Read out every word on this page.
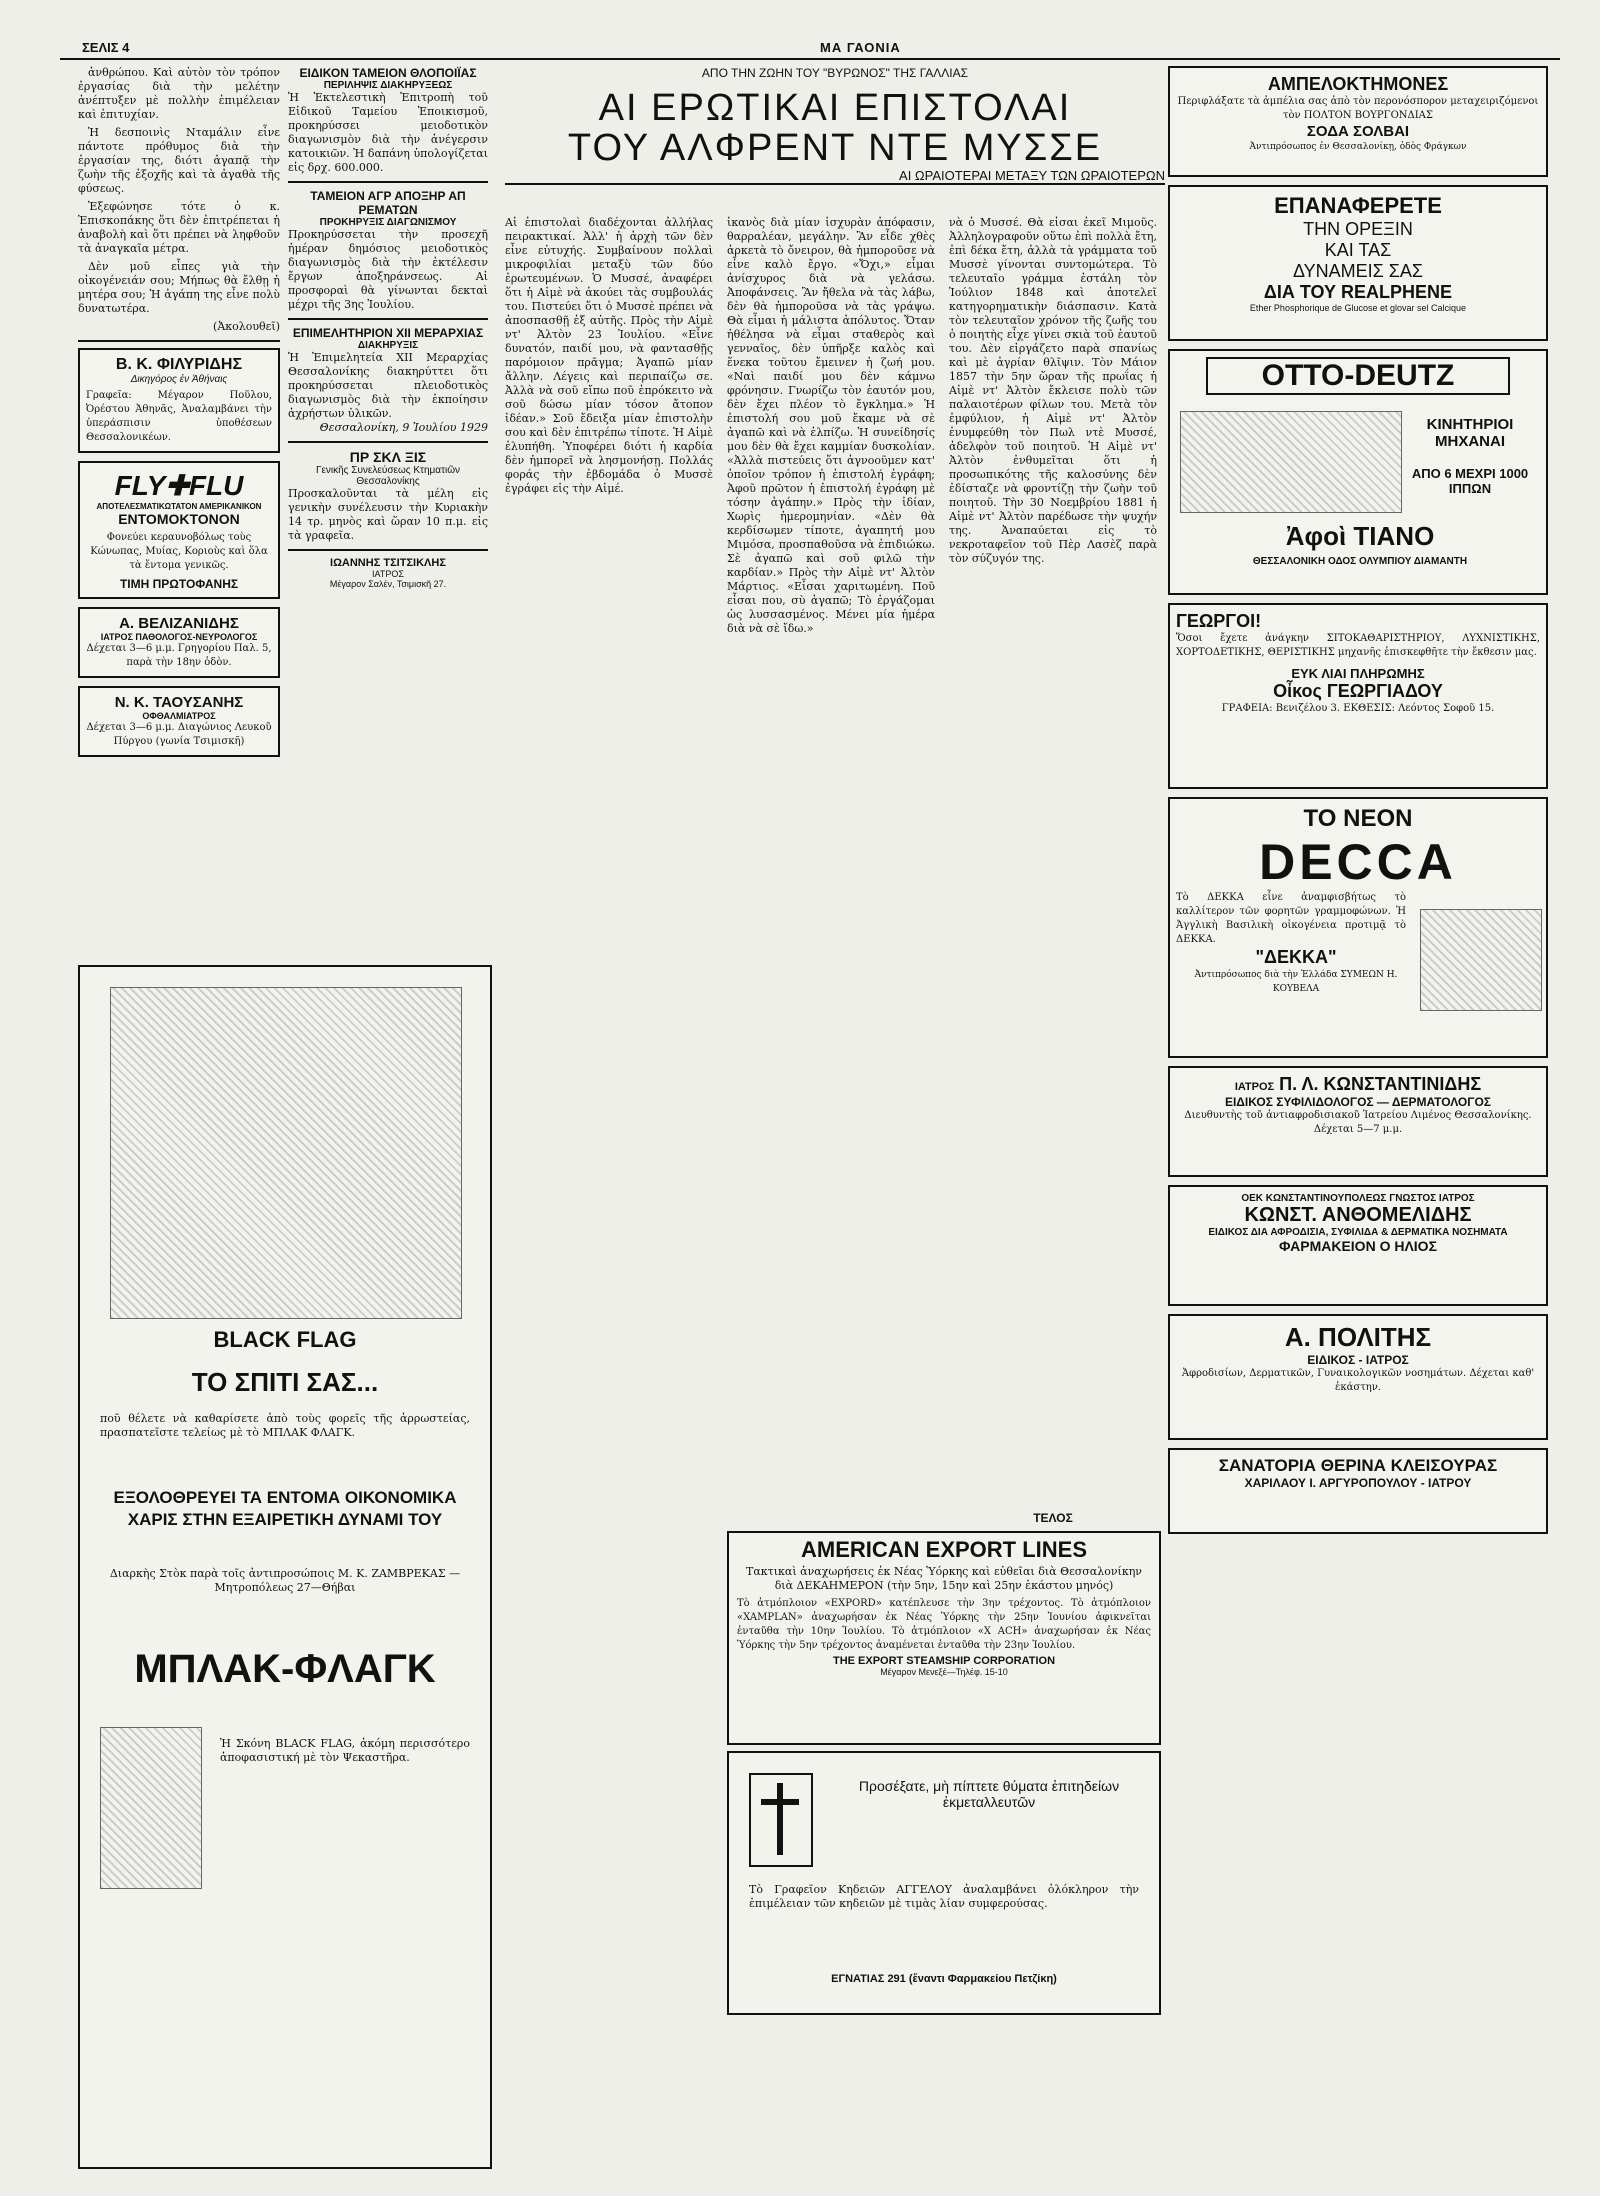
ΣΕΛΙΣ 4	ΜΑ ΓΑΟΝΙΑ

ἀνθρώπου. Καὶ αὐτὸν τὸν τρόπον ἐργασίας διὰ τὴν μελέτην ἀνέπτυξεν μὲ πολλὴν ἐπιμέλειαν καὶ ἐπιτυχίαν.

Ἡ δεσποινὶς Νταμάλιν εἶνε πάντοτε πρόθυμος διὰ τὴν ἐργασίαν της, διότι ἀγαπᾷ τὴν ζωὴν τῆς ἐξοχῆς καὶ τὰ ἀγαθὰ τῆς φύσεως.

Ἐξεφώνησε τότε ὁ κ. Ἐπισκοπάκης ὅτι δὲν ἐπιτρέπεται ἡ ἀναβολὴ καὶ ὅτι πρέπει νὰ ληφθοῦν τὰ ἀναγκαῖα μέτρα.

Δὲν μοῦ εἶπες γιὰ τὴν οἰκογένειάν σου; Μήπως θὰ ἔλθῃ ἡ μητέρα σου; Ἡ ἀγάπη της εἶνε πολὺ δυνατωτέρα.

(Ἀκολουθεῖ)
Β. Κ. ΦΙΛΥΡΙΔΗΣ
Δικηγόρος ἐν Ἀθήναις
Γραφεῖα: Μέγαρον Ποῦλου, Ὀρέστου Ἀθηνᾶς, Ἀναλαμβάνει τὴν ὑπεράσπισιν ὑποθέσεων Θεσσαλονικέων.
FLY✚FLU
ΑΠΟΤΕΛΕΣΜΑΤΙΚΩΤΑΤΟΝ ΑΜΕΡΙΚΑΝΙΚΟΝ
ΕΝΤΟΜΟΚΤΟΝΟΝ
Φονεύει κεραυνοβόλως τοὺς Κώνωπας, Μυίας, Κοριοὺς καὶ ὅλα τὰ ἔντομα γενικῶς.
ΤΙΜΗ ΠΡΩΤΟΦΑΝΗΣ
Α. ΒΕΛΙΖΑΝΙΔΗΣ
ΙΑΤΡΟΣ ΠΑΘΟΛΟΓΟΣ-ΝΕΥΡΟΛΟΓΟΣ
Δέχεται 3—6 μ.μ. Γρηγορίου Παλ. 5, παρὰ τὴν 18ην ὁδὸν.
Ν. Κ. ΤΑΟΥΣΑΝΗΣ
ΟΦΘΑΛΜΙΑΤΡΟΣ
Δέχεται 3—6 μ.μ. Διαγώνιος Λευκοῦ Πύργου (γωνία Τσιμισκῆ)
ΕΙΔΙΚΟΝ ΤΑΜΕΙΟΝ ΘΛΟΠΟΙΪΑΣ
ΠΕΡΙΛΗΨΙΣ ΔΙΑΚΗΡΥΞΕΩΣ
Ἡ Ἐκτελεστικὴ Ἐπιτροπὴ τοῦ Εἰδικοῦ Ταμείου Ἐποικισμοῦ, προκηρύσσει μειοδοτικὸν διαγωνισμὸν διὰ τὴν ἀνέγερσιν κατοικιῶν. Ἡ δαπάνη ὑπολογίζεται εἰς δρχ. 600.000.
ΤΑΜΕΙΟΝ ΑΓΡ ΑΠΟΞΗΡ ΑΠ ΡΕΜΑΤΩΝ
ΠΡΟΚΗΡΥΞΙΣ ΔΙΑΓΩΝΙΣΜΟΥ
Προκηρύσσεται τὴν προσεχῆ ἡμέραν δημόσιος μειοδοτικὸς διαγωνισμὸς διὰ τὴν ἐκτέλεσιν ἔργων ἀποξηράνσεως. Αἱ προσφοραὶ θὰ γίνωνται δεκταὶ μέχρι τῆς 3ης Ἰουλίου.
ΕΠΙΜΕΛΗΤΗΡΙΟΝ ΧΙΙ ΜΕΡΑΡΧΙΑΣ
ΔΙΑΚΗΡΥΞΙΣ
Ἡ Ἐπιμελητεία XII Μεραρχίας Θεσσαλονίκης διακηρύττει ὅτι προκηρύσσεται πλειοδοτικὸς διαγωνισμὸς διὰ τὴν ἐκποίησιν ἀχρήστων ὑλικῶν.
Θεσσαλονίκη, 9 Ἰουλίου 1929
ΠΡ ΣΚΛ ΞΙΣ
Γενικῆς Συνελεύσεως Κτηματιῶν Θεσσαλονίκης
Προσκαλοῦνται τὰ μέλη εἰς γενικὴν συνέλευσιν τὴν Κυριακὴν 14 τρ. μηνὸς καὶ ὥραν 10 π.μ. εἰς τὰ γραφεῖα.
ΙΩΑΝΝΗΣ ΤΣΙΤΣΙΚΛΗΣ
ΙΑΤΡΟΣ
Μέγαρον Σαλέν, Τσιμισκῆ 27.
BLACK FLAG
ΤΟ ΣΠΙΤΙ ΣΑΣ...
ποῦ θέλετε νὰ καθαρίσετε ἀπὸ τοὺς φορεῖς τῆς ἀρρωστείας, πρασπατεῖστε τελείως μὲ τὸ ΜΠΛΑΚ ΦΛΑΓΚ.
ΕΞΟΛΟΘΡΕΥΕΙ ΤΑ ΕΝΤΟΜΑ ΟΙΚΟΝΟΜΙΚΑ ΧΑΡΙΣ ΣΤΗΝ ΕΞΑΙΡΕΤΙΚΗ ΔΥΝΑΜΙ ΤΟΥ
Διαρκὴς Στὸκ παρὰ τοῖς ἀντιπροσώποις Μ. Κ. ΖΑΜΒΡΕΚΑΣ — Μητροπόλεως 27—Θήβαι
ΜΠΛΑΚ-ΦΛΑΓΚ
Ἡ Σκόνη BLACK FLAG, ἀκόμη περισσότερο ἀποφασιστική μὲ τὸν Ψεκαστῆρα.
ΑΠΟ ΤΗΝ ΖΩΗΝ ΤΟΥ "ΒΥΡΩΝΟΣ" ΤΗΣ ΓΑΛΛΙΑΣ
ΑΙ ΕΡΩΤΙΚΑΙ ΕΠΙΣΤΟΛΑΙ
ΤΟΥ ΑΛΦΡΕΝΤ ΝΤΕ ΜΥΣΣΕ
ΑΙ ΩΡΑΙΟΤΕΡΑΙ ΜΕΤΑΞΥ ΤΩΝ ΩΡΑΙΟΤΕΡΩΝ
Αἱ ἐπιστολαὶ διαδέχονται ἀλλήλας πειρακτικαί. Ἀλλ' ἡ ἀρχὴ τῶν δὲν εἶνε εὐτυχής. Συμβαίνουν πολλαὶ μικροφιλίαι μεταξὺ τῶν δύο ἐρωτευμένων. Ὁ Μυσσέ, ἀναφέρει ὅτι ἡ Αἰμὲ νὰ ἀκούει τὰς συμβουλάς του. Πιστεύει ὅτι ὁ Μυσσὲ πρέπει νὰ ἀποσπασθῇ ἐξ αὐτῆς. Πρὸς τὴν Αἰμὲ ντ' Ἀλτὸν 23 Ἰουλίου. «Εἶνε δυνατόν, παιδί μου, νὰ φαντασθῇς παρόμοιον πρᾶγμα; Ἀγαπῶ μίαν ἄλλην. Λέγεις καὶ περιπαίζω σε. Ἀλλὰ νὰ σοῦ εἴπω ποῦ ἐπρόκειτο νὰ σοῦ δώσω μίαν τόσον ἄτοπον ἰδέαν.» Σοῦ ἔδειξα μίαν ἐπιστολὴν σου καὶ δὲν ἐπιτρέπω τίποτε. Ἡ Αἰμὲ ἐλυπήθη. Ὑποφέρει διότι ἡ καρδία δὲν ἠμπορεῖ νὰ λησμονήσῃ. Πολλάς φοράς τὴν ἑβδομάδα ὁ Μυσσὲ ἐγράφει εἰς τὴν Αἰμέ.
ἱκανὸς διὰ μίαν ἰσχυρὰν ἀπόφασιν, θαρραλέαν, μεγάλην. Ἂν εἶδε χθὲς ἀρκετὰ τὸ ὄνειρον, θὰ ἠμποροῦσε νὰ εἶνε καλὸ ἔργο. «Ὄχι,» εἶμαι ἀνίσχυρος διὰ νὰ γελάσω. Ἀποφάνσεις. Ἂν ἤθελα νὰ τὰς λάβω, δὲν θὰ ἠμποροῦσα νὰ τὰς γράψω. Θὰ εἶμαι ἡ μάλιστα ἀπόλυτος. Ὅταν ἠθέλησα νὰ εἶμαι σταθερὸς καὶ γενναῖος, δὲν ὑπῆρξε καλὸς καὶ ἕνεκα τοῦτου ἔμεινεν ἡ ζωή μου. «Ναὶ παιδί μου δὲν κάμνω φρόνησιν. Γνωρίζω τὸν ἑαυτόν μου, δὲν ἔχει πλέον τὸ ἔγκλημα.» Ἡ ἐπιστολή σου μοῦ ἔκαμε νὰ σὲ ἀγαπῶ καὶ νὰ ἐλπίζω. Ἡ συνείδησίς μου δὲν θὰ ἔχει καμμίαν δυσκολίαν. «Ἀλλὰ πιστεύεις ὅτι ἀγνοοῦμεν κατ' ὁποῖον τρόπον ἡ ἐπιστολή ἐγράφη; Ἀφοῦ πρῶτον ἡ ἐπιστολή ἐγράφη μὲ τόσην ἀγάπην.» Πρὸς τὴν ἰδίαν, Χωρὶς ἡμερομηνίαν. «Δὲν θὰ κερδίσωμεν τίποτε, ἀγαπητή μου Μιμόσα, προσπαθοῦσα νὰ ἐπιδιώκω. Σὲ ἀγαπῶ καὶ σοῦ φιλῶ τὴν καρδίαν.» Πρὸς τὴν Αἰμὲ ντ' Ἀλτὸν Μάρτιος. «Εἶσαι χαριτωμένη. Ποῦ εἶσαι που, σὺ ἀγαπῶ; Τὸ ἐργάζομαι ὡς λυσσασμένος. Μένει μία ἡμέρα διὰ νὰ σὲ ἴδω.»
νὰ ὁ Μυσσέ. Θὰ εἶσαι ἐκεῖ Μιμοῦς. Ἀλληλογραφοῦν οὕτω ἐπὶ πολλὰ ἔτη, ἐπὶ δέκα ἔτη, ἀλλὰ τὰ γράμματα τοῦ Μυσσὲ γίνονται συντομώτερα. Τὸ τελευταῖο γράμμα ἐστάλη τὸν Ἰούλιον 1848 καὶ ἀποτελεῖ κατηγορηματικὴν διάσπασιν. Κατὰ τὸν τελευταῖον χρόνον τῆς ζωῆς του ὁ ποιητὴς εἶχε γίνει σκιὰ τοῦ ἑαυτοῦ του. Δὲν εἰργάζετο παρὰ σπανίως καὶ μὲ ἀγρίαν θλῖψιν. Τὸν Μάιον 1857 τὴν 5ην ὥραν τῆς πρωΐας ἡ Αἰμὲ ντ' Ἀλτὸν ἔκλεισε πολὺ τῶν παλαιοτέρων φίλων του. Μετὰ τὸν ἐμφύλιον, ἡ Αἰμὲ ντ' Ἀλτὸν ἐνυμφεύθη τὸν Πωλ ντὲ Μυσσέ, ἀδελφὸν τοῦ ποιητοῦ. Ἡ Αἰμὲ ντ' Ἀλτὸν ἐνθυμεῖται ὅτι ἡ προσωπικότης τῆς καλοσύνης δὲν ἐδίσταζε νὰ φροντίζῃ τὴν ζωὴν τοῦ ποιητοῦ. Τὴν 30 Νοεμβρίου 1881 ἡ Αἰμὲ ντ' Ἀλτὸν παρέδωσε τὴν ψυχήν της. Ἀναπαύεται εἰς τὸ νεκροταφεῖον τοῦ Πὲρ Λασὲζ παρὰ τὸν σύζυγόν της.
ΤΕΛΟΣ
AMERICAN EXPORT LINES
Τακτικαὶ ἀναχωρήσεις ἐκ Νέας Ὑόρκης καὶ εὐθεῖαι διὰ Θεσσαλονίκην διὰ ΔΕΚΑΗΜΕΡΟΝ (τὴν 5ην, 15ην καὶ 25ην ἑκάστου μηνός)
Τὸ ἀτμόπλοιον «EXPORD» κατέπλευσε τὴν 3ην τρέχοντος. Τὸ ἀτμόπλοιον «XAMPLAN» ἀναχωρήσαν ἐκ Νέας Ὑόρκης τὴν 25ην Ἰουνίου ἀφικνεῖται ἐνταῦθα τὴν 10ην Ἰουλίου. Τὸ ἀτμόπλοιον «X ACH» ἀναχωρήσαν ἐκ Νέας Ὑόρκης τὴν 5ην τρέχοντος ἀναμένεται ἐνταῦθα τὴν 23ην Ἰουλίου.
THE EXPORT STEAMSHIP CORPORATION
Μέγαρον Μενεξέ—Τηλέφ. 15-10
Προσέξατε, μὴ πίπτετε θύματα ἐπιτηδείων ἐκμεταλλευτῶν
Τὸ Γραφεῖον Κηδειῶν ΑΓΓΕΛΟΥ ἀναλαμβάνει ὁλόκληρον τὴν ἐπιμέλειαν τῶν κηδειῶν μὲ τιμὰς λίαν συμφερούσας.
ΕΓΝΑΤΙΑΣ 291 (ἔναντι Φαρμακείου Πετζίκη)
ΑΜΠΕΛΟΚΤΗΜΟΝΕΣ
Περιφλάξατε τὰ ἀμπέλια σας ἀπὸ τὸν περονόσπορον μεταχειριζόμενοι τὸν ΠΟΛΤΟΝ ΒΟΥΡΓΟΝΔΙΑΣ
ΣΟΔΑ ΣΟΛΒΑΙ
Ἀντιπρόσωπος ἐν Θεσσαλονίκῃ, ὁδὸς Φράγκων
ΕΠΑΝΑΦΕΡΕΤΕ
ΤΗΝ ΟΡΕΞΙΝ
ΚΑΙ ΤΑΣ
ΔΥΝΑΜΕΙΣ ΣΑΣ
ΔΙΑ ΤΟΥ REALPHENE
Ether Phosphorique de Glucose et glovar sel Calcique
OTTO-DEUTZ
ΚΙΝΗΤΗΡΙΟΙ ΜΗΧΑΝΑΙ
ΑΠΟ 6 ΜΕΧΡΙ 1000 ΙΠΠΩΝ
Ἀφοὶ ΤΙΑΝΟ
ΘΕΣΣΑΛΟΝΙΚΗ ΟΔΟΣ ΟΛΥΜΠΙΟΥ ΔΙΑΜΑΝΤΗ
ΓΕΩΡΓΟΙ!
Ὅσοι ἔχετε ἀνάγκην ΣΙΤΟΚΑΘΑΡΙΣΤΗΡΙΟΥ, ΛΥΧΝΙΣΤΙΚΗΣ, ΧΟΡΤΟΔΕΤΙΚΗΣ, ΘΕΡΙΣΤΙΚΗΣ μηχανῆς ἐπισκεφθῆτε τὴν ἔκθεσιν μας.
ΕΥΚ ΛΙΑΙ ΠΛΗΡΩΜΗΣ
Οἶκος ΓΕΩΡΓΙΑΔΟΥ
ΓΡΑΦΕΙΑ: Βενιζέλου 3. ΕΚΘΕΣΙΣ: Λεόντος Σοφοῦ 15.
ΤΟ ΝΕΟΝ
DECCA
Τὸ ΔΕΚΚΑ εἶνε ἀναμφισβήτως τὸ καλλίτερον τῶν φορητῶν γραμμοφώνων. Ἡ Ἀγγλικὴ Βασιλικὴ οἰκογένεια προτιμᾷ τὸ ΔΕΚΚΑ.
"ΔΕΚΚΑ"
Ἀντιπρόσωπος διὰ τὴν Ἑλλάδα ΣΥΜΕΩΝ Η. ΚΟΥΒΕΛΑ
ΙΑΤΡΟΣ Π. Λ. ΚΩΝΣΤΑΝΤΙΝΙΔΗΣ
ΕΙΔΙΚΟΣ ΣΥΦΙΛΙΔΟΛΟΓΟΣ — ΔΕΡΜΑΤΟΛΟΓΟΣ
Διευθυντὴς τοῦ ἀντιαφροδισιακοῦ Ἰατρείου Λιμένος Θεσσαλονίκης. Δέχεται 5—7 μ.μ.
ΟΕΚ ΚΩΝΣΤΑΝΤΙΝΟΥΠΟΛΕΩΣ ΓΝΩΣΤΟΣ ΙΑΤΡΟΣ
ΚΩΝΣΤ. ΑΝΘΟΜΕΛΙΔΗΣ
ΕΙΔΙΚΟΣ ΔΙΑ ΑΦΡΟΔΙΣΙΑ, ΣΥΦΙΛΙΔΑ & ΔΕΡΜΑΤΙΚΑ ΝΟΣΗΜΑΤΑ
ΦΑΡΜΑΚΕΙΟΝ Ο ΗΛΙΟΣ
Α. ΠΟΛΙΤΗΣ
ΕΙΔΙΚΟΣ - ΙΑΤΡΟΣ
Ἀφροδισίων, Δερματικῶν, Γυναικολογικῶν νοσημάτων. Δέχεται καθ' ἑκάστην.
ΣΑΝΑΤΟΡΙΑ ΘΕΡΙΝΑ ΚΛΕΙΣΟΥΡΑΣ
ΧΑΡΙΛΑΟΥ Ι. ΑΡΓΥΡΟΠΟΥΛΟΥ - ΙΑΤΡΟΥ
